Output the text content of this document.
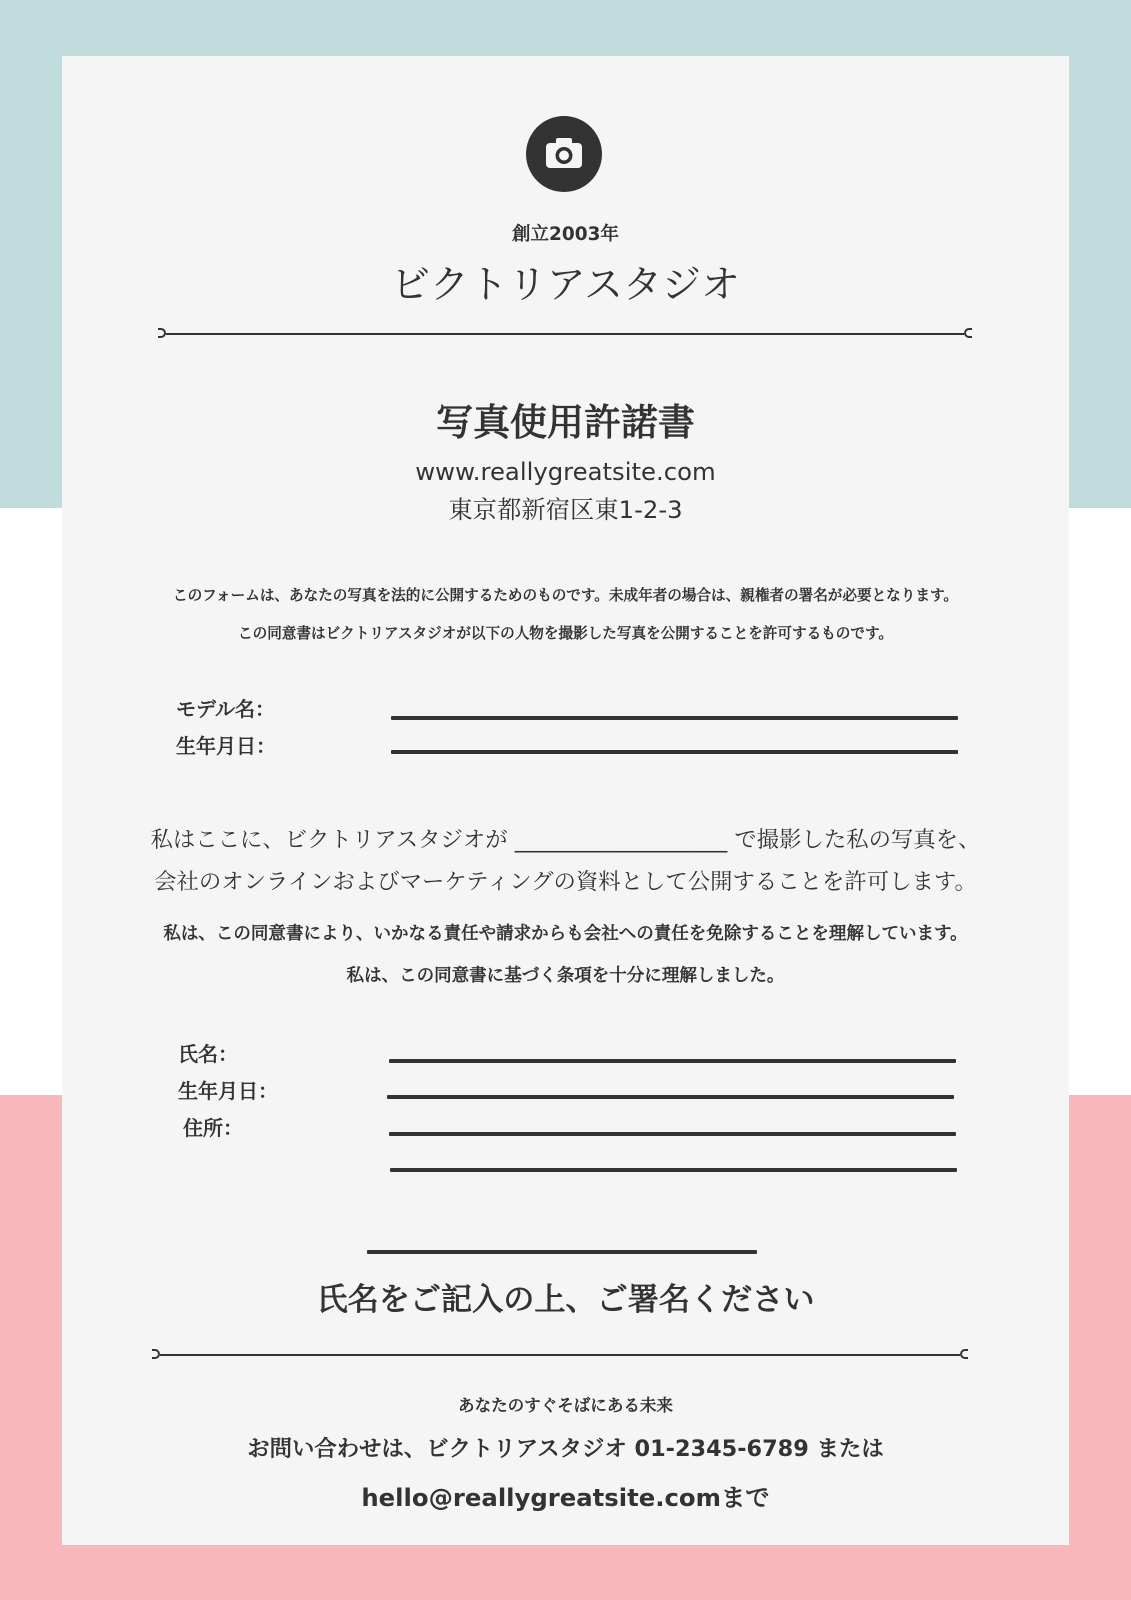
創立2003年
ビクトリアスタジオ
写真使用許諾書
www.reallygreatsite.com
東京都新宿区東1-2-3
このフォームは、あなたの写真を法的に公開するためのものです。未成年者の場合は、親権者の署名が必要となります。
この同意書はビクトリアスタジオが以下の人物を撮影した写真を公開することを許可するものです。
モデル名：
生年月日：
私はここに、ビクトリアスタジオが ___________________ で撮影した私の写真を、
会社のオンラインおよびマーケティングの資料として公開することを許可します。
私は、この同意書により、いかなる責任や請求からも会社への責任を免除することを理解しています。
私は、この同意書に基づく条項を十分に理解しました。
氏名：
生年月日：
住所：
氏名をご記入の上、ご署名ください
あなたのすぐそばにある未来
お問い合わせは、ビクトリアスタジオ 01-2345-6789 または
hello@reallygreatsite.comまで
